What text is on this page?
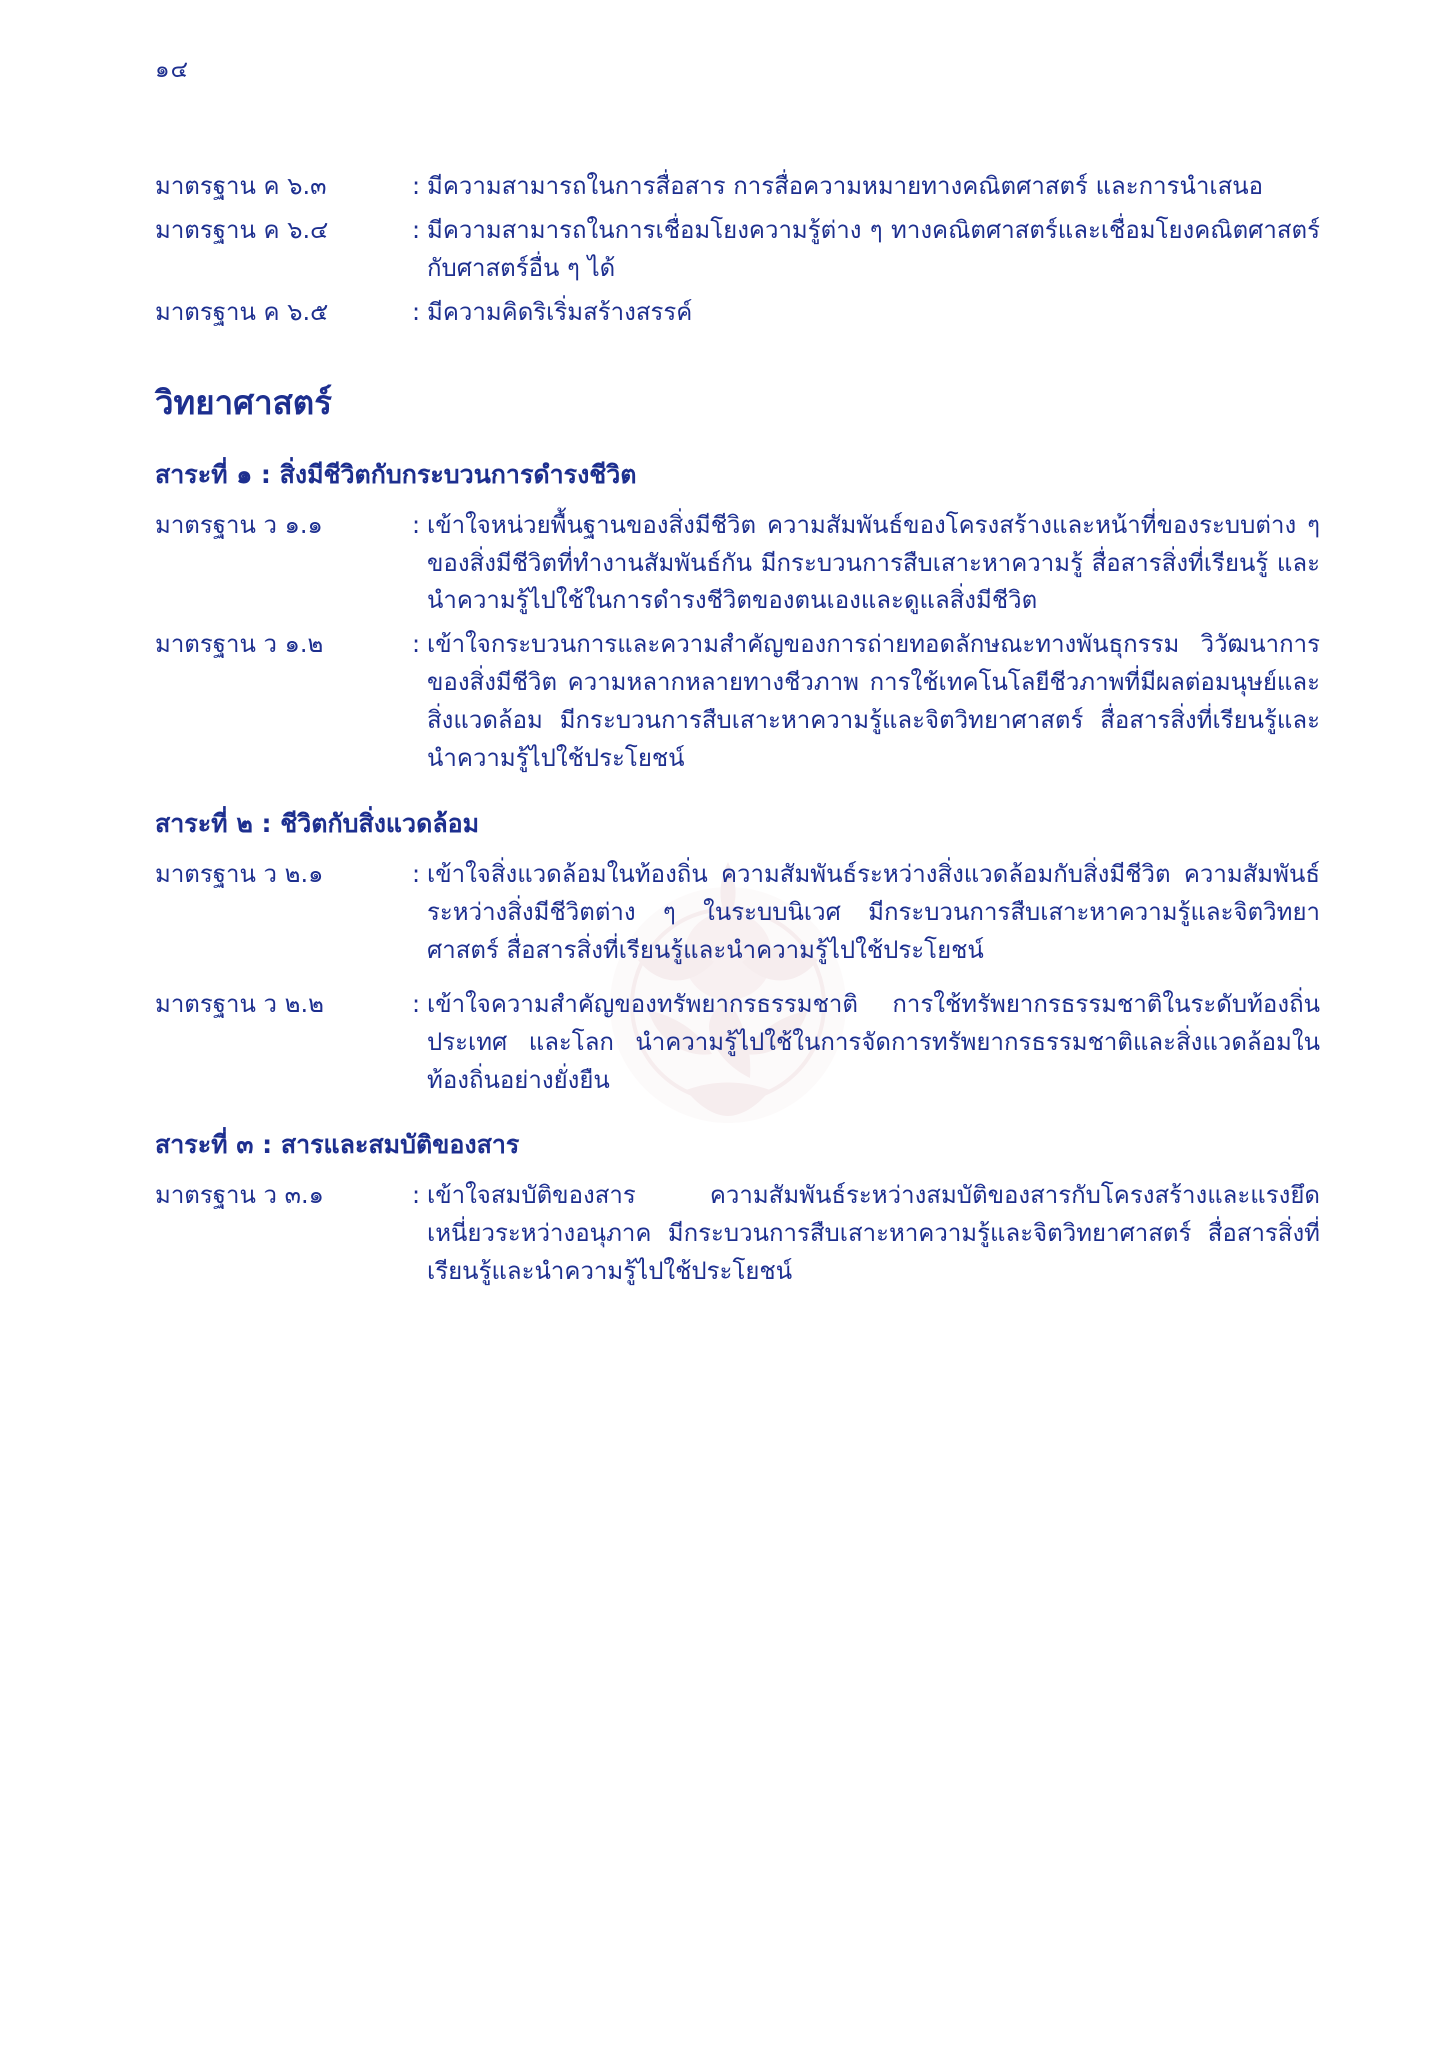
๑๔
มาตรฐาน ค ๖.๓	: มีความสามารถในการสื่อสาร การสื่อความหมายทางคณิตศาสตร์ และการนำเสนอ
มาตรฐาน ค ๖.๔	: มีความสามารถในการเชื่อมโยงความรู้ต่าง ๆ ทางคณิตศาสตร์และเชื่อมโยงคณิตศาสตร์กับศาสตร์อื่น ๆ ได้
มาตรฐาน ค ๖.๕	: มีความคิดริเริ่มสร้างสรรค์
วิทยาศาสตร์
สาระที่ ๑ : สิ่งมีชีวิตกับกระบวนการดำรงชีวิต
มาตรฐาน ว ๑.๑	: เข้าใจหน่วยพื้นฐานของสิ่งมีชีวิต ความสัมพันธ์ของโครงสร้างและหน้าที่ของระบบต่าง ๆ ของสิ่งมีชีวิตที่ทำงานสัมพันธ์กัน มีกระบวนการสืบเสาะหาความรู้ สื่อสารสิ่งที่เรียนรู้ และนำความรู้ไปใช้ในการดำรงชีวิตของตนเองและดูแลสิ่งมีชีวิต
มาตรฐาน ว ๑.๒	: เข้าใจกระบวนการและความสำคัญของการถ่ายทอดลักษณะทางพันธุกรรม วิวัฒนาการของสิ่งมีชีวิต ความหลากหลายทางชีวภาพ การใช้เทคโนโลยีชีวภาพที่มีผลต่อมนุษย์และสิ่งแวดล้อม มีกระบวนการสืบเสาะหาความรู้และจิตวิทยาศาสตร์ สื่อสารสิ่งที่เรียนรู้และนำความรู้ไปใช้ประโยชน์
สาระที่ ๒ : ชีวิตกับสิ่งแวดล้อม
มาตรฐาน ว ๒.๑	: เข้าใจสิ่งแวดล้อมในท้องถิ่น ความสัมพันธ์ระหว่างสิ่งแวดล้อมกับสิ่งมีชีวิต ความสัมพันธ์ระหว่างสิ่งมีชีวิตต่าง ๆ ในระบบนิเวศ มีกระบวนการสืบเสาะหาความรู้และจิตวิทยาศาสตร์ สื่อสารสิ่งที่เรียนรู้และนำความรู้ไปใช้ประโยชน์
มาตรฐาน ว ๒.๒	: เข้าใจความสำคัญของทรัพยากรธรรมชาติ การใช้ทรัพยากรธรรมชาติในระดับท้องถิ่น ประเทศ และโลก นำความรู้ไปใช้ในการจัดการทรัพยากรธรรมชาติและสิ่งแวดล้อมในท้องถิ่นอย่างยั่งยืน
สาระที่ ๓ : สารและสมบัติของสาร
มาตรฐาน ว ๓.๑	: เข้าใจสมบัติของสาร ความสัมพันธ์ระหว่างสมบัติของสารกับโครงสร้างและแรงยึดเหนี่ยวระหว่างอนุภาค มีกระบวนการสืบเสาะหาความรู้และจิตวิทยาศาสตร์ สื่อสารสิ่งที่เรียนรู้และนำความรู้ไปใช้ประโยชน์
